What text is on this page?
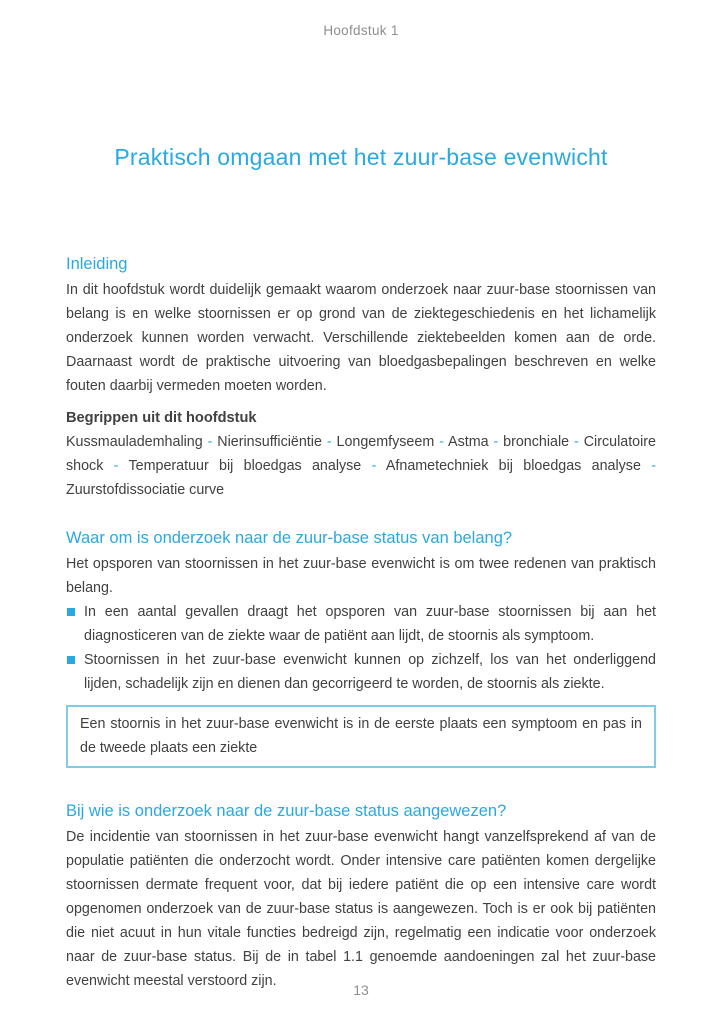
Hoofdstuk 1
Praktisch omgaan met het zuur-base evenwicht
Inleiding

In dit hoofdstuk wordt duidelijk gemaakt waarom onderzoek naar zuur-base stoornissen van belang is en welke stoornissen er op grond van de ziektegeschiedenis en het lichamelijk onderzoek kunnen worden verwacht. Verschillende ziektebeelden komen aan de orde. Daarnaast wordt de praktische uitvoering van bloedgasbepalingen beschreven en welke fouten daarbij vermeden moeten worden.

Begrippen uit dit hoofdstuk

Kussmaulademhaling - Nierinsufficiëntie - Longemfyseem - Astma - bronchiale - Circulatoire shock - Temperatuur bij bloedgas analyse - Afnametechniek bij bloedgas analyse - Zuurstofdissociatie curve

Waar om is onderzoek naar de zuur-base status van belang?

Het opsporen van stoornissen in het zuur-base evenwicht is om twee redenen van praktisch belang.

In een aantal gevallen draagt het opsporen van zuur-base stoornissen bij aan het diagnosticeren van de ziekte waar de patiënt aan lijdt, de stoornis als symptoom.
Stoornissen in het zuur-base evenwicht kunnen op zichzelf, los van het onderliggend lijden, schadelijk zijn en dienen dan gecorrigeerd te worden, de stoornis als ziekte.
Een stoornis in het zuur-base evenwicht is in de eerste plaats een symptoom en pas in de tweede plaats een ziekte
Bij wie is onderzoek naar de zuur-base status aangewezen?

De incidentie van stoornissen in het zuur-base evenwicht hangt vanzelfsprekend af van de populatie patiënten die onderzocht wordt. Onder intensive care patiënten komen dergelijke stoornissen dermate frequent voor, dat bij iedere patiënt die op een intensive care wordt opgenomen onderzoek van de zuur-base status is aangewezen. Toch is er ook bij patiënten die niet acuut in hun vitale functies bedreigd zijn, regelmatig een indicatie voor onderzoek naar de zuur-base status. Bij de in tabel 1.1 genoemde aandoeningen zal het zuur-base evenwicht meestal verstoord zijn.

13
